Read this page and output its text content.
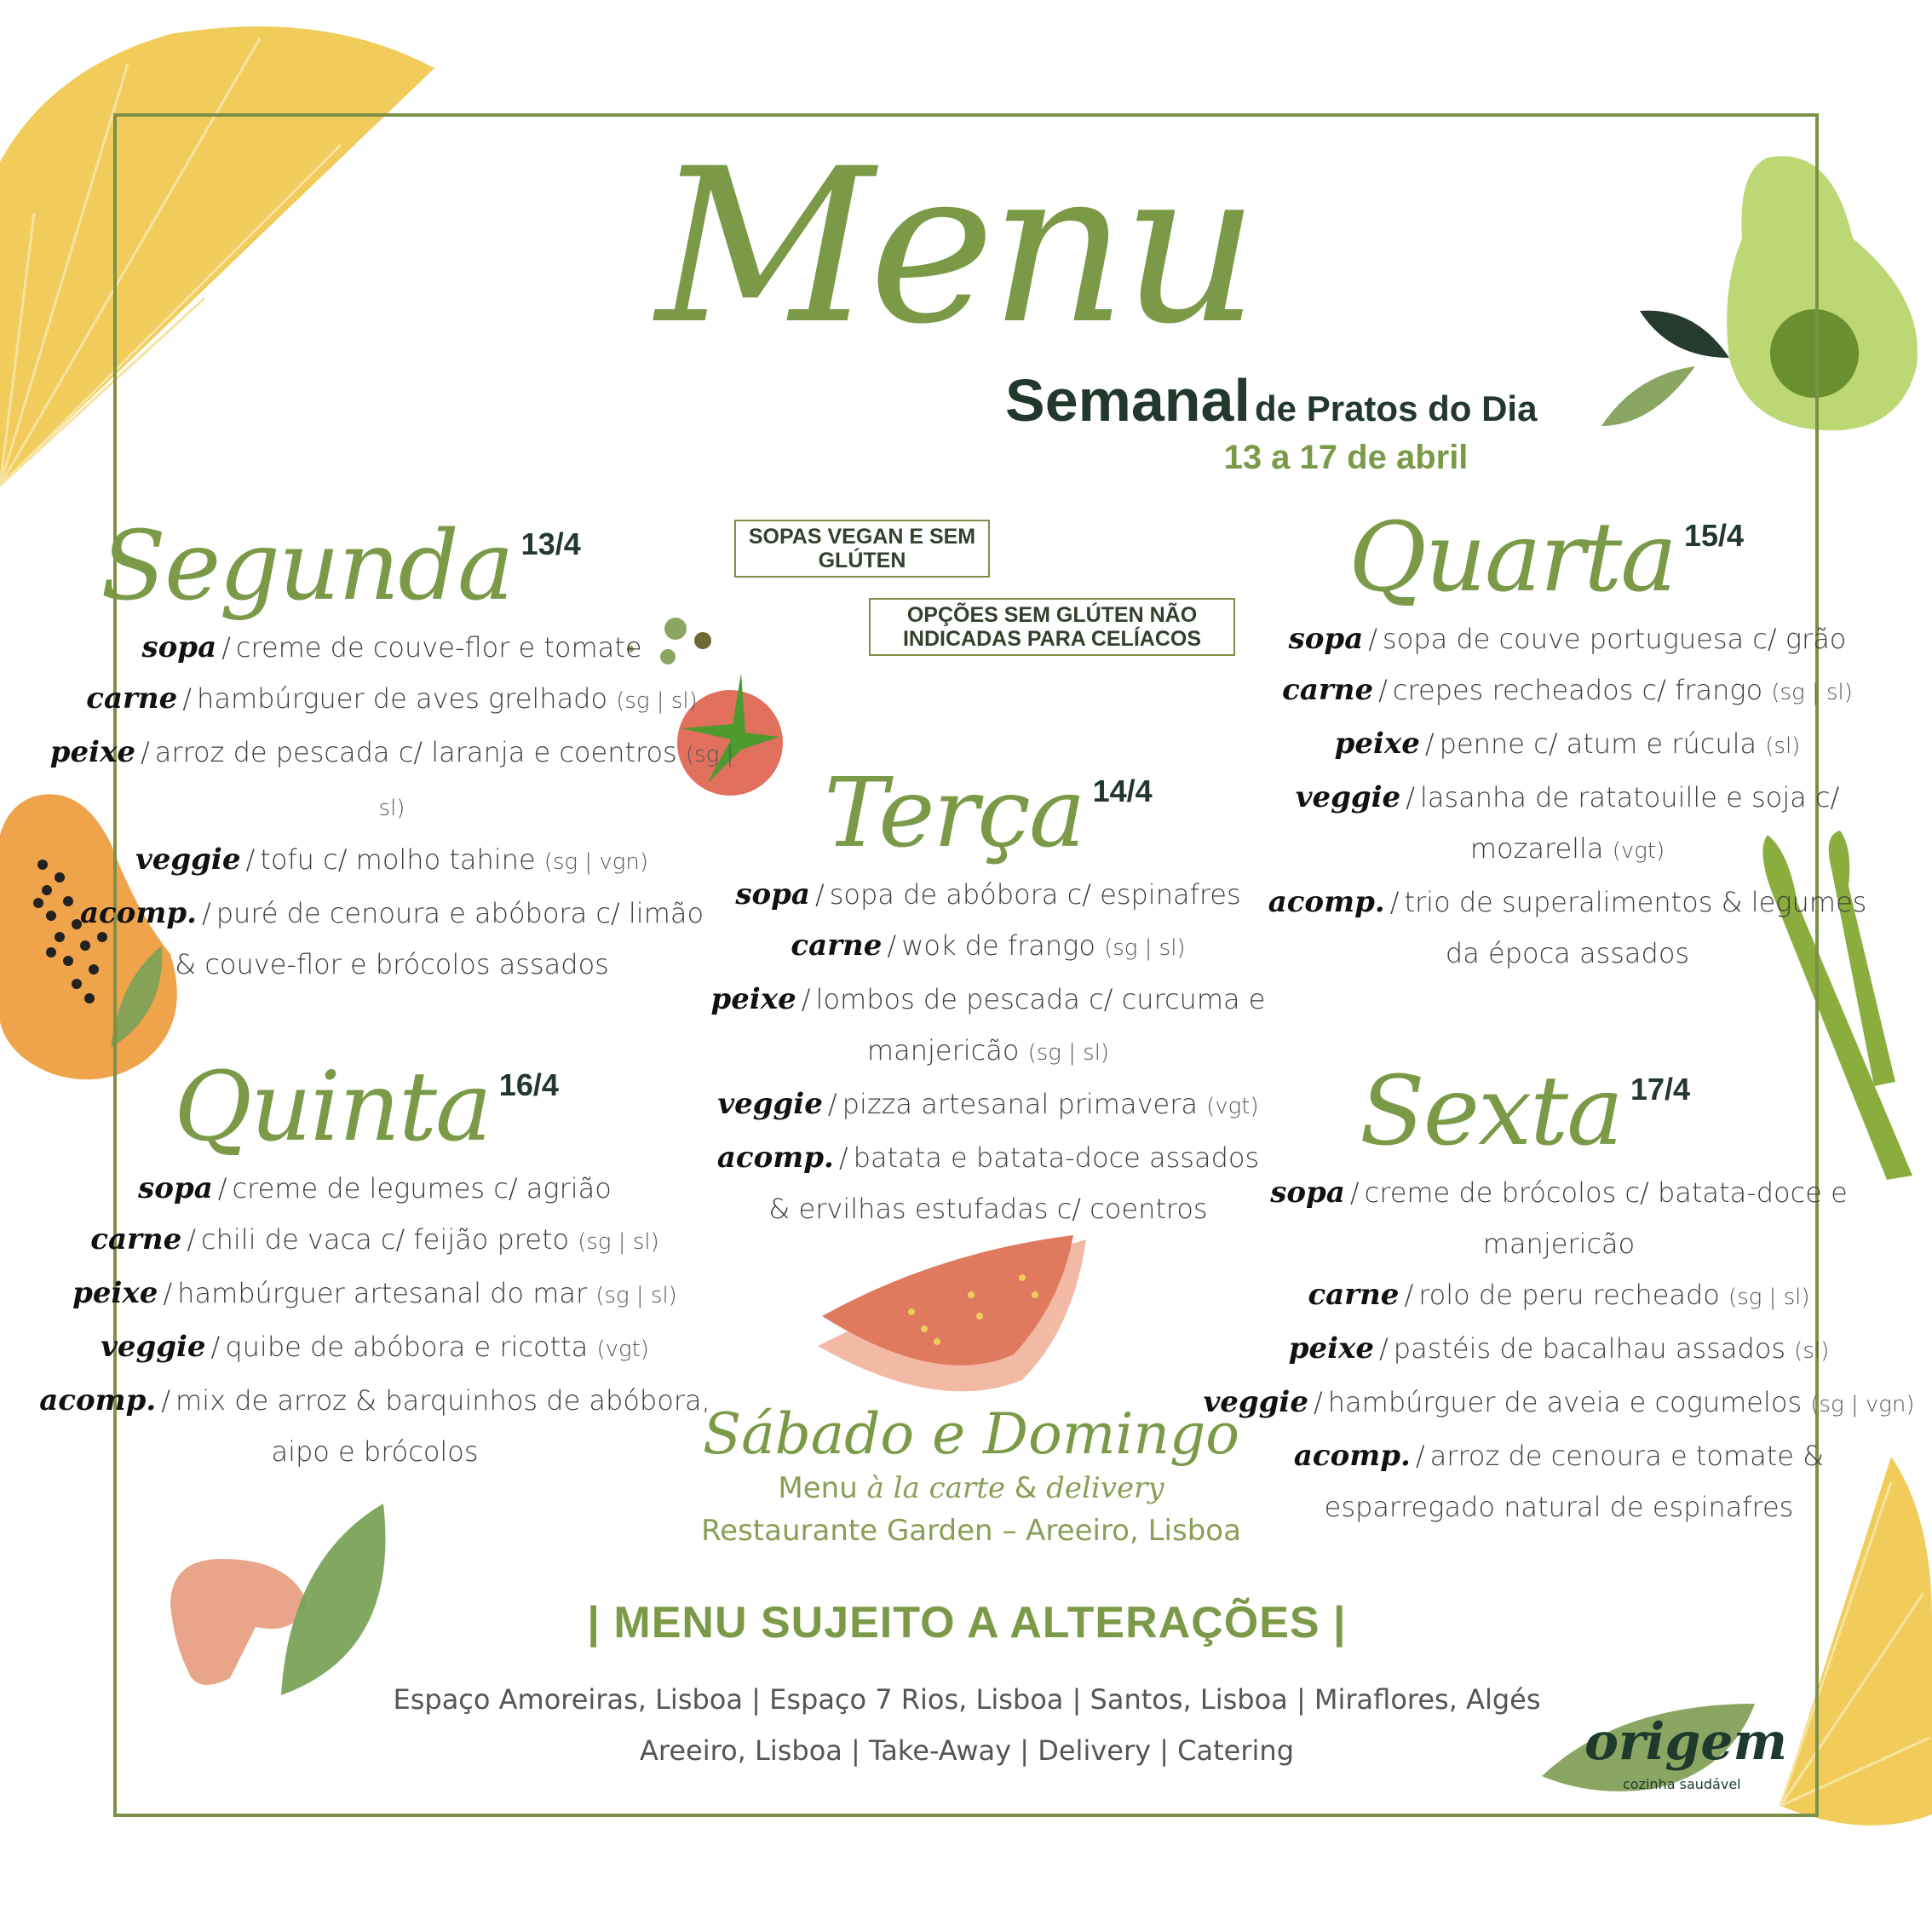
Menu
Semanal de Pratos do Dia
13 a 17 de abril
SOPAS VEGAN E SEM GLÚTEN
OPÇÕES SEM GLÚTEN NÃO INDICADAS PARA CELÍACOS
Segunda 13/4
sopa / creme de couve-flor e tomate
carne / hambúrguer de aves grelhado (sg | sl)
peixe / arroz de pescada c/ laranja e coentros (sg | sl)
veggie / tofu c/ molho tahine (sg | vgn)
acomp. / puré de cenoura e abóbora c/ limão & couve-flor e brócolos assados
Terça 14/4
sopa / sopa de abóbora c/ espinafres
carne / wok de frango (sg | sl)
peixe / lombos de pescada c/ curcuma e manjericão (sg | sl)
veggie / pizza artesanal primavera (vgt)
acomp. / batata e batata-doce assados & ervilhas estufadas c/ coentros
Quarta 15/4
sopa / sopa de couve portuguesa c/ grão
carne / crepes recheados c/ frango (sg | sl)
peixe / penne c/ atum e rúcula (sl)
veggie / lasanha de ratatouille e soja c/ mozarella (vgt)
acomp. / trio de superalimentos & legumes da época assados
Quinta 16/4
sopa / creme de legumes c/ agrião
carne / chili de vaca c/ feijão preto (sg | sl)
peixe / hambúrguer artesanal do mar (sg | sl)
veggie / quibe de abóbora e ricotta (vgt)
acomp. / mix de arroz & barquinhos de abóbora, aipo e brócolos
Sexta 17/4
sopa / creme de brócolos c/ batata-doce e manjericão
carne / rolo de peru recheado (sg | sl)
peixe / pastéis de bacalhau assados (sl)
veggie / hambúrguer de aveia e cogumelos (sg | vgn)
acomp. / arroz de cenoura e tomate & esparregado natural de espinafres
Sábado e Domingo
Menu à la carte & delivery
Restaurante Garden – Areeiro, Lisboa
| MENU SUJEITO A ALTERAÇÕES |
Espaço Amoreiras, Lisboa | Espaço 7 Rios, Lisboa | Santos, Lisboa | Miraflores, Algés
Areeiro, Lisboa | Take-Away | Delivery | Catering	origem
cozinha saudável
